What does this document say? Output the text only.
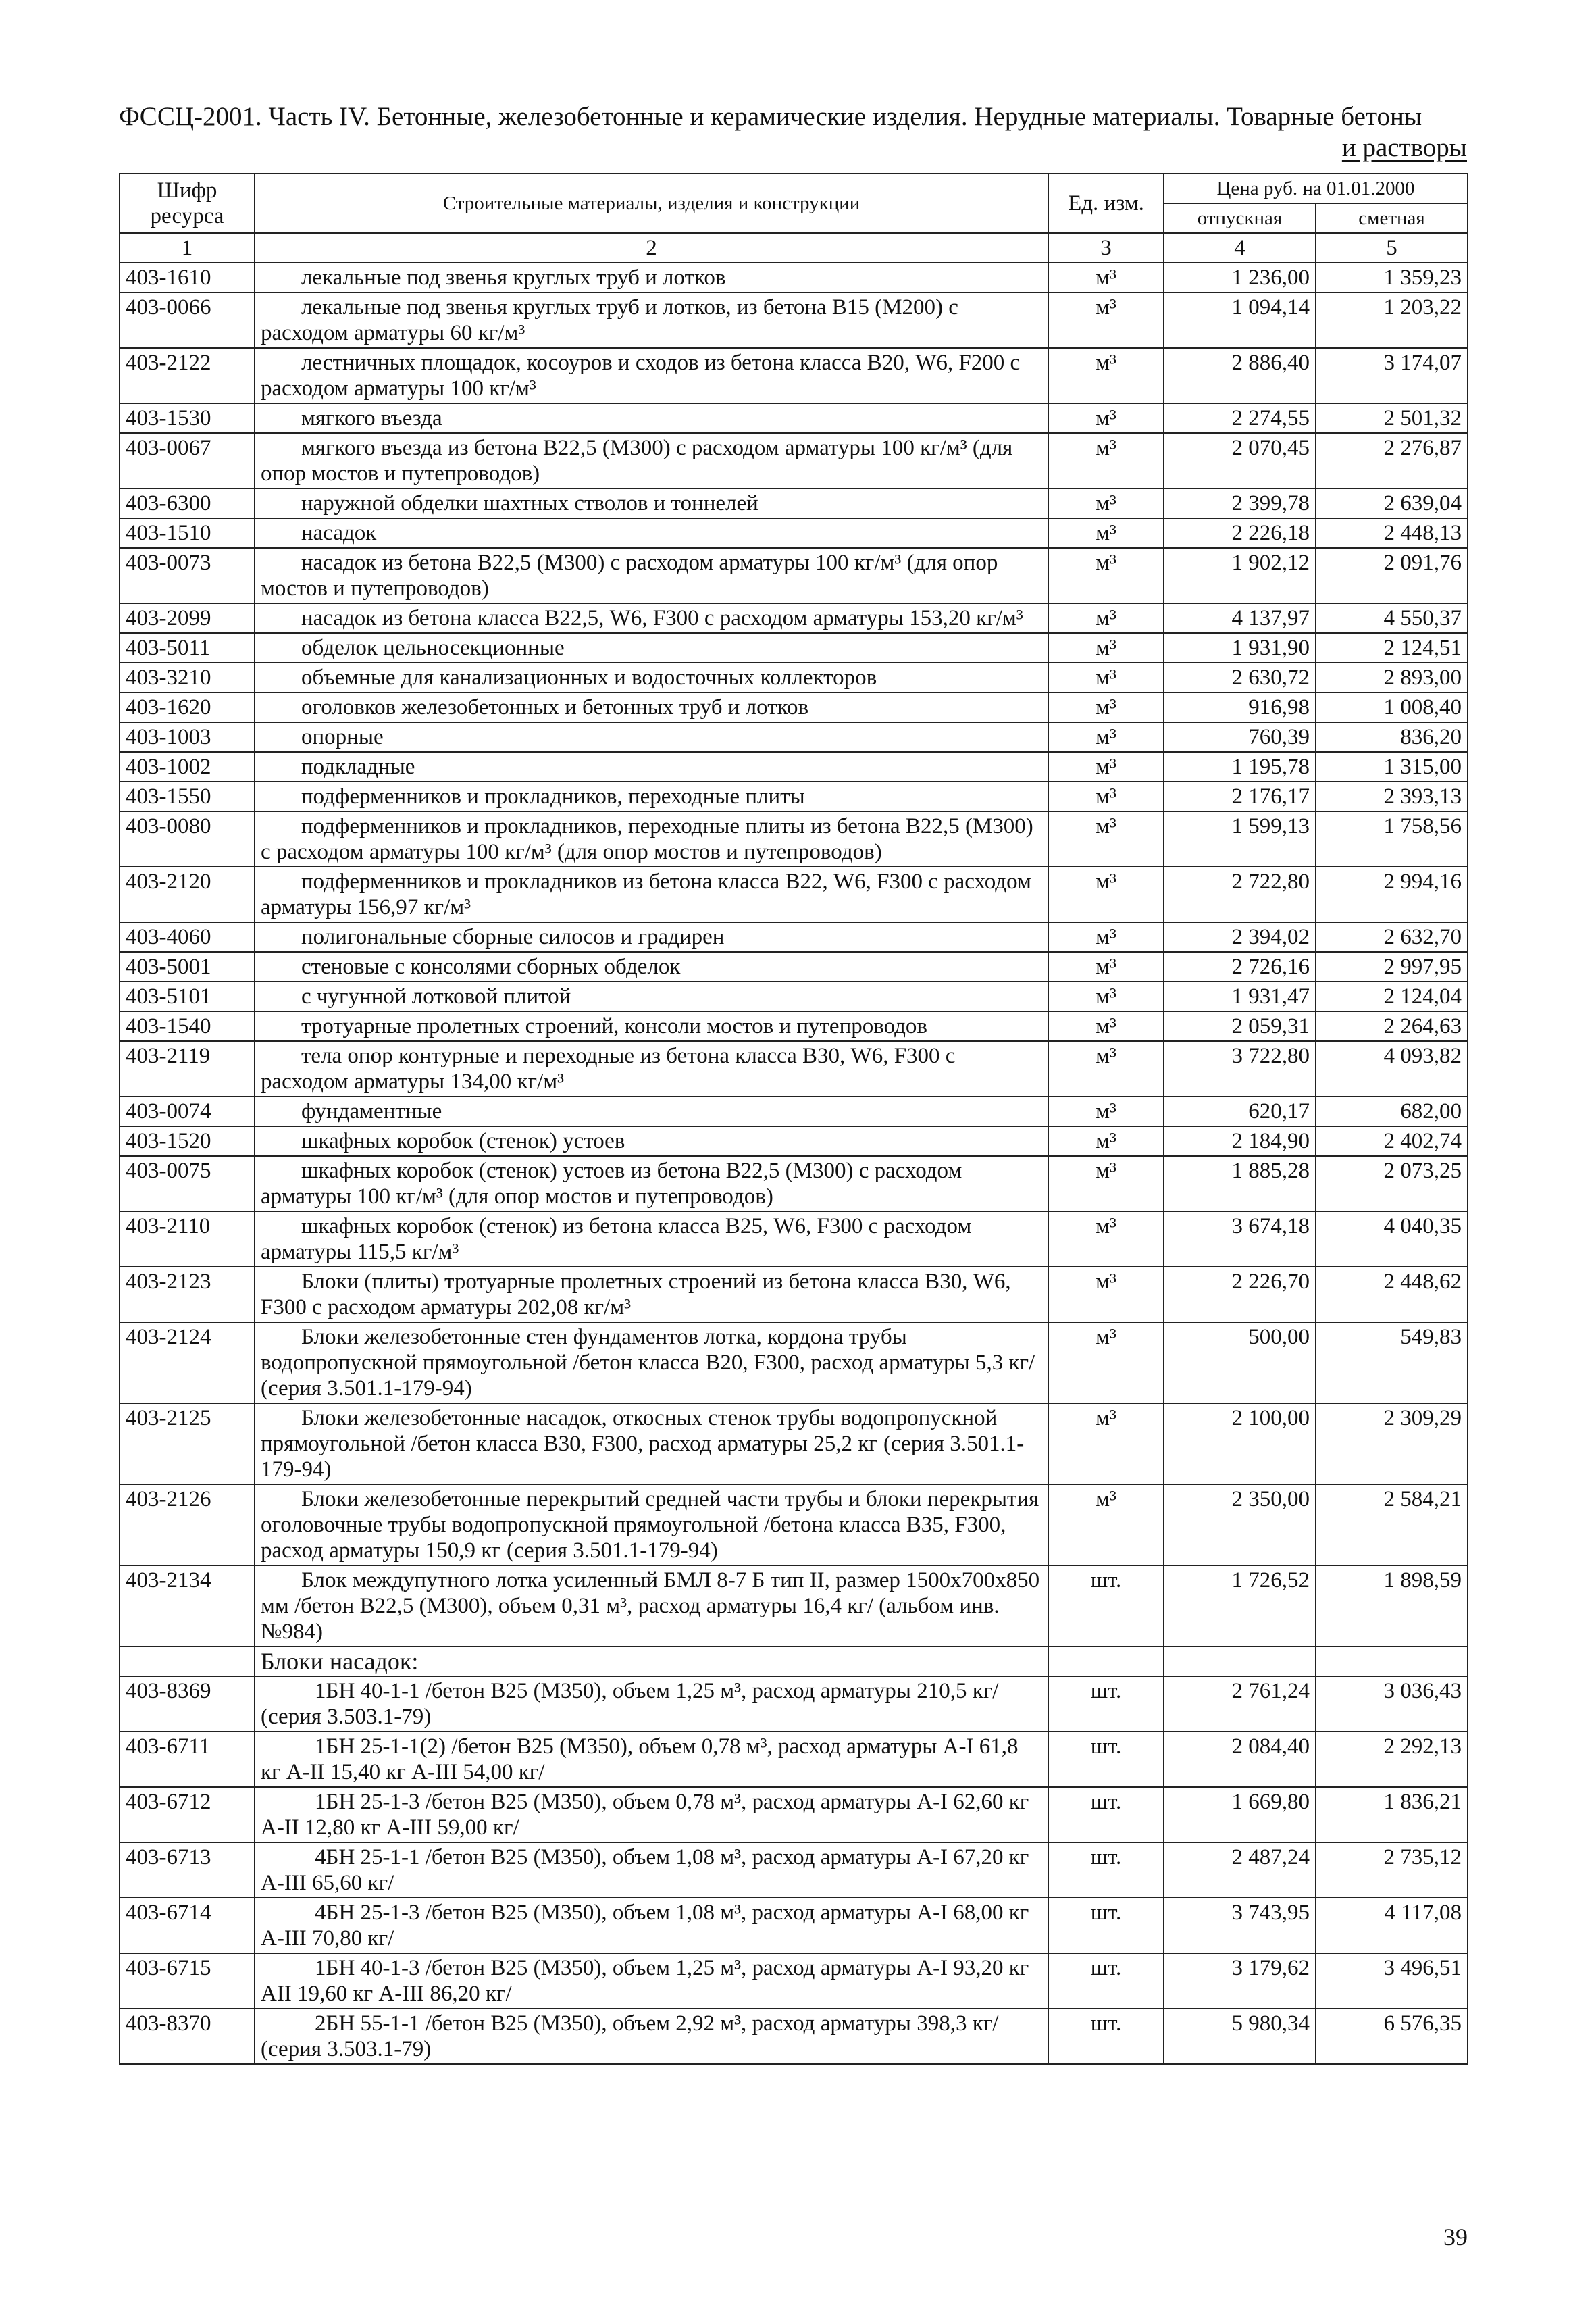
ФССЦ-2001. Часть IV. Бетонные, железобетонные и керамические изделия. Нерудные материалы. Товарные бетоны
и растворы
Шифр ресурса	Строительные материалы, изделия и конструкции	Ед. изм.	Цена руб. на 01.01.2000	
			отпускная	сметная
1	2	3	4	5
403-1610	лекальные под звенья круглых труб и лотков	м³	1 236,00	1 359,23
403-0066	лекальные под звенья круглых труб и лотков, из бетона В15 (М200) с расходом арматуры 60 кг/м³	м³	1 094,14	1 203,22
403-2122	лестничных площадок, косоуров и сходов из бетона класса В20, W6, F200 с расходом арматуры 100 кг/м³	м³	2 886,40	3 174,07
403-1530	мягкого въезда	м³	2 274,55	2 501,32
403-0067	мягкого въезда из бетона В22,5 (М300) с расходом арматуры 100 кг/м³ (для опор мостов и путепроводов)	м³	2 070,45	2 276,87
403-6300	наружной обделки шахтных стволов и тоннелей	м³	2 399,78	2 639,04
403-1510	насадок	м³	2 226,18	2 448,13
403-0073	насадок из бетона В22,5 (М300) с расходом арматуры 100 кг/м³ (для опор мостов и путепроводов)	м³	1 902,12	2 091,76
403-2099	насадок из бетона класса В22,5, W6, F300 с расходом арматуры 153,20 кг/м³	м³	4 137,97	4 550,37
403-5011	обделок цельносекционные	м³	1 931,90	2 124,51
403-3210	объемные для канализационных и водосточных коллекторов	м³	2 630,72	2 893,00
403-1620	оголовков железобетонных и бетонных труб и лотков	м³	916,98	1 008,40
403-1003	опорные	м³	760,39	836,20
403-1002	подкладные	м³	1 195,78	1 315,00
403-1550	подферменников и прокладников, переходные плиты	м³	2 176,17	2 393,13
403-0080	подферменников и прокладников, переходные плиты из бетона В22,5 (М300) с расходом арматуры 100 кг/м³ (для опор мостов и путепроводов)	м³	1 599,13	1 758,56
403-2120	подферменников и прокладников из бетона класса В22, W6, F300 с расходом арматуры 156,97 кг/м³	м³	2 722,80	2 994,16
403-4060	полигональные сборные силосов и градирен	м³	2 394,02	2 632,70
403-5001	стеновые с консолями сборных обделок	м³	2 726,16	2 997,95
403-5101	с чугунной лотковой плитой	м³	1 931,47	2 124,04
403-1540	тротуарные пролетных строений, консоли мостов и путепроводов	м³	2 059,31	2 264,63
403-2119	тела опор контурные и переходные из бетона класса В30, W6, F300 с расходом арматуры 134,00 кг/м³	м³	3 722,80	4 093,82
403-0074	фундаментные	м³	620,17	682,00
403-1520	шкафных коробок (стенок) устоев	м³	2 184,90	2 402,74
403-0075	шкафных коробок (стенок) устоев из бетона В22,5 (М300) с расходом арматуры 100 кг/м³ (для опор мостов и путепроводов)	м³	1 885,28	2 073,25
403-2110	шкафных коробок (стенок) из бетона класса В25, W6, F300 с расходом арматуры 115,5 кг/м³	м³	3 674,18	4 040,35
403-2123	Блоки (плиты) тротуарные пролетных строений из бетона класса В30, W6, F300 с расходом арматуры 202,08 кг/м³	м³	2 226,70	2 448,62
403-2124	Блоки железобетонные стен фундаментов лотка, кордона трубы водопропускной прямоугольной /бетон класса В20, F300, расход арматуры 5,3 кг/ (серия 3.501.1-179-94)	м³	500,00	549,83
403-2125	Блоки железобетонные насадок, откосных стенок трубы водопропускной прямоугольной /бетон класса В30, F300, расход арматуры 25,2 кг (серия 3.501.1-179-94)	м³	2 100,00	2 309,29
403-2126	Блоки железобетонные перекрытий средней части трубы и блоки перекрытия оголовочные трубы водопропускной прямоугольной /бетона класса В35, F300, расход арматуры 150,9 кг (серия 3.501.1-179-94)	м³	2 350,00	2 584,21
403-2134	Блок междупутного лотка усиленный БМЛ 8-7 Б тип II, размер 1500х700х850 мм /бетон В22,5 (М300), объем 0,31 м³, расход арматуры 16,4 кг/ (альбом инв. №984)	шт.	1 726,52	1 898,59
	Блоки насадок:			
403-8369	1БН 40-1-1 /бетон В25 (М350), объем 1,25 м³, расход арматуры 210,5 кг/ (серия 3.503.1-79)	шт.	2 761,24	3 036,43
403-6711	1БН 25-1-1(2) /бетон В25 (М350), объем 0,78 м³, расход арматуры А-I 61,8 кг А-II 15,40 кг А-III 54,00 кг/	шт.	2 084,40	2 292,13
403-6712	1БН 25-1-3 /бетон В25 (М350), объем 0,78 м³, расход арматуры А-I 62,60 кг А-II 12,80 кг А-III 59,00 кг/	шт.	1 669,80	1 836,21
403-6713	4БН 25-1-1 /бетон В25 (М350), объем 1,08 м³, расход арматуры А-I 67,20 кг А-III 65,60 кг/	шт.	2 487,24	2 735,12
403-6714	4БН 25-1-3 /бетон В25 (М350), объем 1,08 м³, расход арматуры А-I 68,00 кг А-III 70,80 кг/	шт.	3 743,95	4 117,08
403-6715	1БН 40-1-3 /бетон В25 (М350), объем 1,25 м³, расход арматуры А-I 93,20 кг АII 19,60 кг А-III 86,20 кг/	шт.	3 179,62	3 496,51
403-8370	2БН 55-1-1 /бетон В25 (М350), объем 2,92 м³, расход арматуры 398,3 кг/ (серия 3.503.1-79)	шт.	5 980,34	6 576,35
39
